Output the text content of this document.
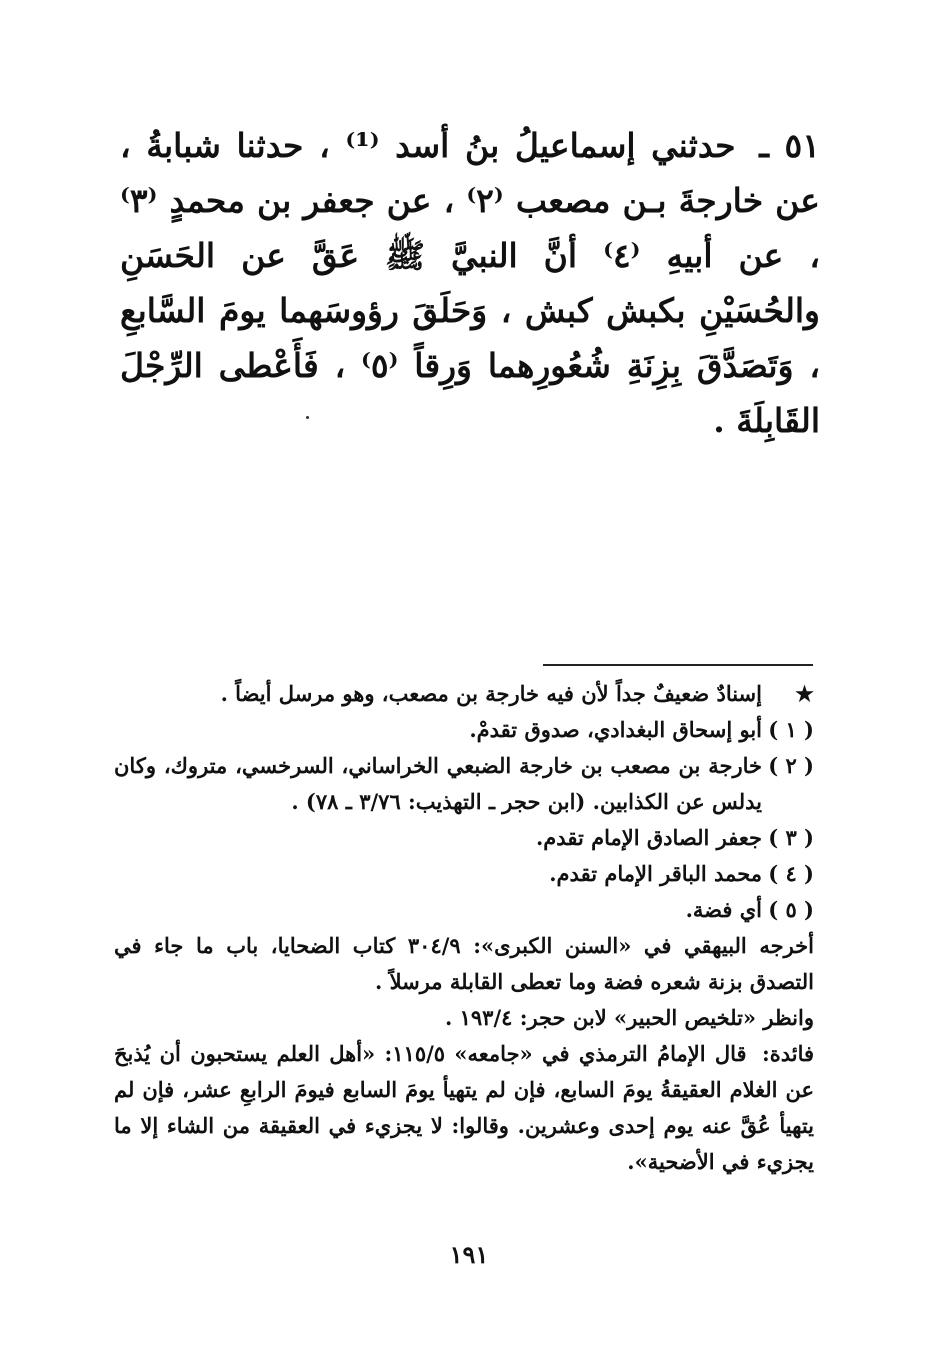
٥١ ـ حدثني إسماعيلُ بنُ أسد ⁽¹⁾ ، حدثنا شبابةُ ، عن خارجةَ بـن مصعب ⁽٢⁾ ، عن جعفر بن محمدٍ ⁽٣⁾ ، عن أبيهِ ⁽٤⁾ أنَّ النبيَّ ﷺ عَقَّ عن الحَسَنِ والحُسَيْنِ بكبش كبش ، وَحَلَقَ رؤوسَهما يومَ السَّابعِ ، وَتَصَدَّقَ بِزِنَةِ شُعُورِهما وَرِقاً ⁽٥⁾ ، فَأَعْطى الرِّجْلَ القَابِلَةَ .
★
إسنادٌ ضعيفٌ جداً لأن فيه خارجة بن مصعب، وهو مرسل أيضاً .
( ١ )
أبو إسحاق البغدادي، صدوق تقدمْ.
( ٢ )
خارجة بن مصعب بن خارجة الضبعي الخراساني، السرخسي، متروك، وكان يدلس عن الكذابين. (ابن حجر ـ التهذيب: ٣/٧٦ ـ ٧٨) .
( ٣ )
جعفر الصادق الإمام تقدم.
( ٤ )
محمد الباقر الإمام تقدم.
( ٥ )
أي فضة.

أخرجه البيهقي في «السنن الكبرى»: ٣٠٤/٩ كتاب الضحايا، باب ما جاء في التصدق بزنة شعره فضة وما تعطى القابلة مرسلاً .

وانظر «تلخيص الحبير» لابن حجر: ١٩٣/٤ .

فائدة: قال الإمامُ الترمذي في «جامعه» ١١٥/٥: «أهل العلم يستحبون أن يُذبحَ عن الغلام العقيقةُ يومَ السابع، فإن لم يتهيأ يومَ السابع فيومَ الرابعِ عشر، فإن لم يتهيأ عُقَّ عنه يوم إحدى وعشرين. وقالوا: لا يجزيء في العقيقة من الشاء إلا ما يجزيء في الأضحية».

١٩١
